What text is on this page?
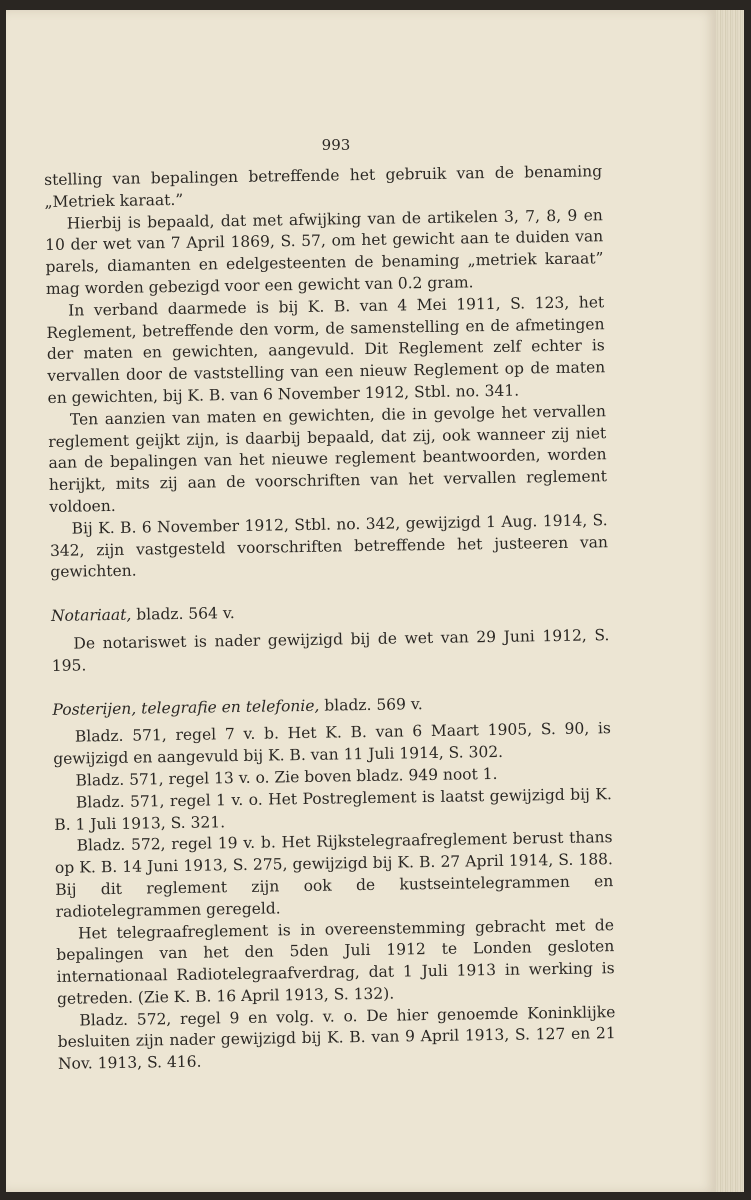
993

stelling van bepalingen betreffende het gebruik van de benaming „Metriek karaat.”

Hierbij is bepaald, dat met afwijking van de artikelen 3, 7, 8, 9 en 10 der wet van 7 April 1869, S. 57, om het gewicht aan te duiden van parels, diamanten en edelgesteenten de benaming „metriek karaat” mag worden gebezigd voor een gewicht van 0.2 gram.

In verband daarmede is bij K. B. van 4 Mei 1911, S. 123, het Reglement, betreffende den vorm, de samenstelling en de afmetingen der maten en gewichten, aangevuld. Dit Reglement zelf echter is vervallen door de vaststelling van een nieuw Reglement op de maten en gewichten, bij K. B. van 6 November 1912, Stbl. no. 341.

Ten aanzien van maten en gewichten, die in gevolge het vervallen reglement geijkt zijn, is daarbij bepaald, dat zij, ook wanneer zij niet aan de bepalingen van het nieuwe reglement beantwoorden, worden herijkt, mits zij aan de voorschriften van het vervallen reglement voldoen.

Bij K. B. 6 November 1912, Stbl. no. 342, gewijzigd 1 Aug. 1914, S. 342, zijn vastgesteld voorschriften betreffende het justeeren van gewichten.

Notariaat, bladz. 564 v.

De notariswet is nader gewijzigd bij de wet van 29 Juni 1912, S. 195.

Posterijen, telegrafie en telefonie, bladz. 569 v.

Bladz. 571, regel 7 v. b. Het K. B. van 6 Maart 1905, S. 90, is gewijzigd en aangevuld bij K. B. van 11 Juli 1914, S. 302.

Bladz. 571, regel 13 v. o. Zie boven bladz. 949 noot 1.

Bladz. 571, regel 1 v. o. Het Postreglement is laatst gewijzigd bij K. B. 1 Juli 1913, S. 321.

Bladz. 572, regel 19 v. b. Het Rijkstelegraafreglement berust thans op K. B. 14 Juni 1913, S. 275, gewijzigd bij K. B. 27 April 1914, S. 188. Bij dit reglement zijn ook de kustseintelegrammen en radiotelegrammen geregeld.

Het telegraafreglement is in overeenstemming gebracht met de bepalingen van het den 5den Juli 1912 te Londen gesloten internationaal Radiotelegraafverdrag, dat 1 Juli 1913 in werking is getreden. (Zie K. B. 16 April 1913, S. 132).

Bladz. 572, regel 9 en volg. v. o. De hier genoemde Koninklijke besluiten zijn nader gewijzigd bij K. B. van 9 April 1913, S. 127 en 21 Nov. 1913, S. 416.
